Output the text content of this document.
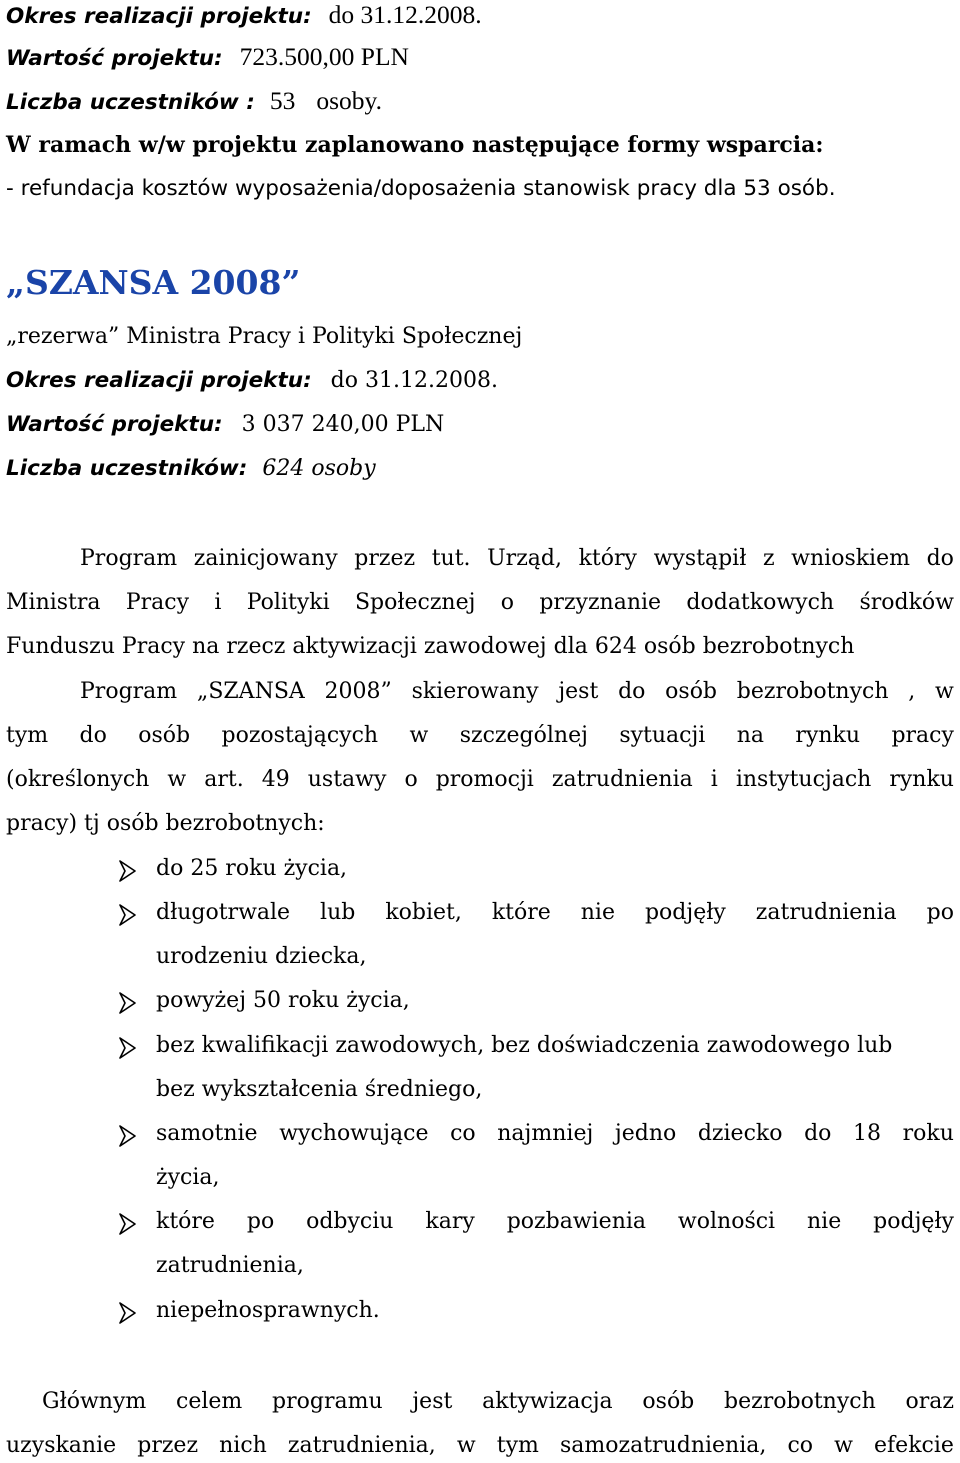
Okres realizacji projektu: do 31.12.2008.
Wartość projektu: 723.500,00 PLN
Liczba uczestników : 53 osoby.
W ramach w/w projektu zaplanowano następujące formy wsparcia:
- refundacja kosztów wyposażenia/doposażenia stanowisk pracy dla 53 osób.
„SZANSA 2008”
„rezerwa” Ministra Pracy i Polityki Społecznej
Okres realizacji projektu: do 31.12.2008.
Wartość projektu: 3 037 240,00 PLN
Liczba uczestników: 624 osoby
Program zainicjowany przez tut. Urząd, który wystąpił z wnioskiem do
Ministra Pracy i Polityki Społecznej o przyznanie dodatkowych środków
Funduszu Pracy na rzecz aktywizacji zawodowej dla 624 osób bezrobotnych
Program „SZANSA 2008” skierowany jest do osób bezrobotnych , w
tym do osób pozostających w szczególnej sytuacji na rynku pracy
(określonych w art. 49 ustawy o promocji zatrudnienia i instytucjach rynku
pracy) tj osób bezrobotnych:
do 25 roku życia,
długotrwale lub kobiet, które nie podjęły zatrudnienia po
urodzeniu dziecka,
powyżej 50 roku życia,
bez kwalifikacji zawodowych, bez doświadczenia zawodowego lub
bez wykształcenia średniego,
samotnie wychowujące co najmniej jedno dziecko do 18 roku
życia,
które po odbyciu kary pozbawienia wolności nie podjęły
zatrudnienia,
niepełnosprawnych.
Głównym celem programu jest aktywizacja osób bezrobotnych oraz
uzyskanie przez nich zatrudnienia, w tym samozatrudnienia, co w efekcie
